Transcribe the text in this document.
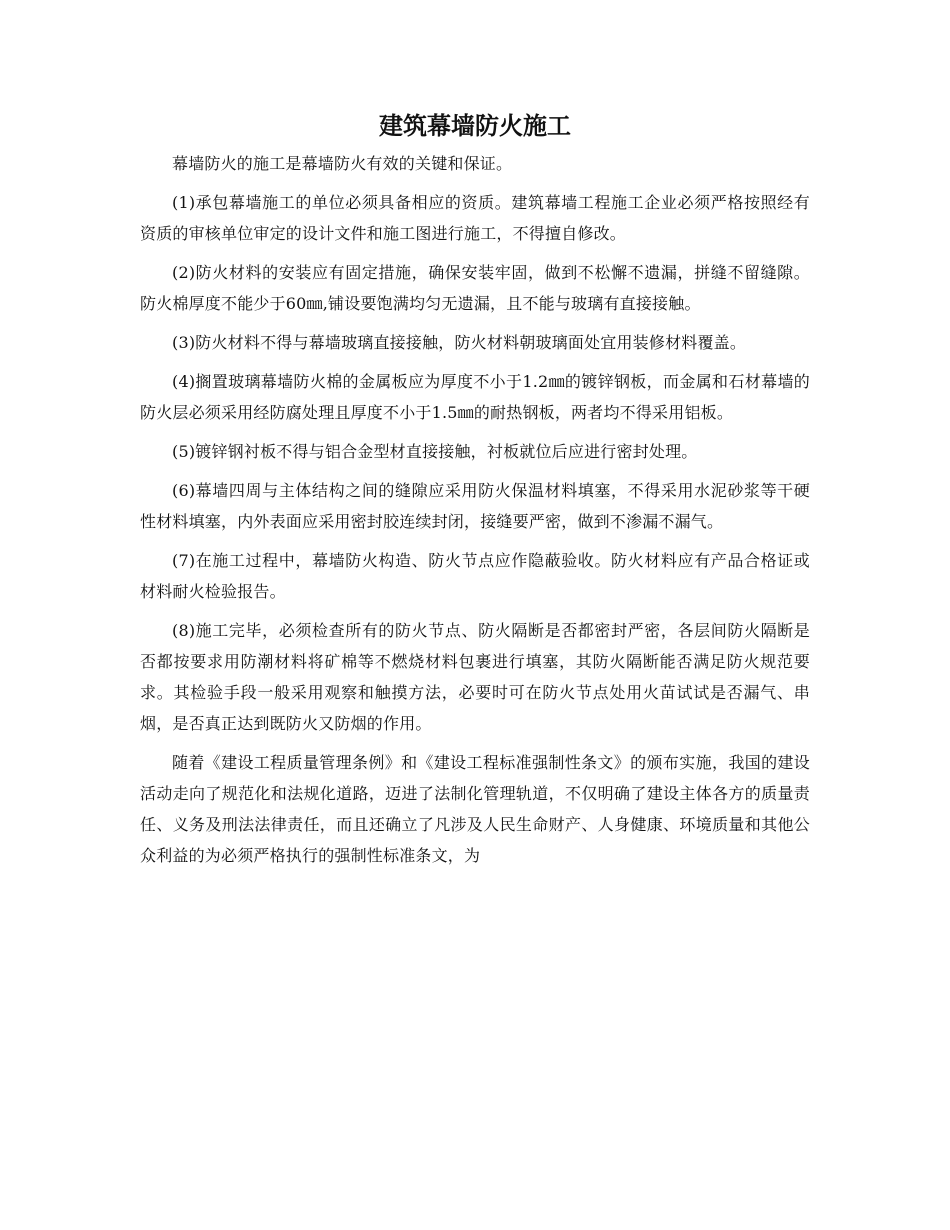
建筑幕墙防火施工

幕墙防火的施工是幕墙防火有效的关键和保证。

(1)承包幕墙施工的单位必须具备相应的资质。建筑幕墙工程施工企业必须严格按照经有资质的审核单位审定的设计文件和施工图进行施工，不得擅自修改。

(2)防火材料的安装应有固定措施，确保安装牢固，做到不松懈不遗漏，拼缝不留缝隙。防火棉厚度不能少于60㎜,铺设要饱满均匀无遗漏，且不能与玻璃有直接接触。

(3)防火材料不得与幕墙玻璃直接接触，防火材料朝玻璃面处宜用装修材料覆盖。

(4)搁置玻璃幕墙防火棉的金属板应为厚度不小于1.2㎜的镀锌钢板，而金属和石材幕墙的防火层必须采用经防腐处理且厚度不小于1.5㎜的耐热钢板，两者均不得采用铝板。

(5)镀锌钢衬板不得与铝合金型材直接接触，衬板就位后应进行密封处理。

(6)幕墙四周与主体结构之间的缝隙应采用防火保温材料填塞，不得采用水泥砂浆等干硬性材料填塞，内外表面应采用密封胶连续封闭，接缝要严密，做到不渗漏不漏气。

(7)在施工过程中，幕墙防火构造、防火节点应作隐蔽验收。防火材料应有产品合格证或材料耐火检验报告。

(8)施工完毕，必须检查所有的防火节点、防火隔断是否都密封严密，各层间防火隔断是否都按要求用防潮材料将矿棉等不燃烧材料包裹进行填塞，其防火隔断能否满足防火规范要求。其检验手段一般采用观察和触摸方法，必要时可在防火节点处用火苗试试是否漏气、串烟，是否真正达到既防火又防烟的作用。

随着《建设工程质量管理条例》和《建设工程标准强制性条文》的颁布实施，我国的建设活动走向了规范化和法规化道路，迈进了法制化管理轨道，不仅明确了建设主体各方的质量责任、义务及刑法法律责任，而且还确立了凡涉及人民生命财产、人身健康、环境质量和其他公众利益的为必须严格执行的强制性标准条文，为
